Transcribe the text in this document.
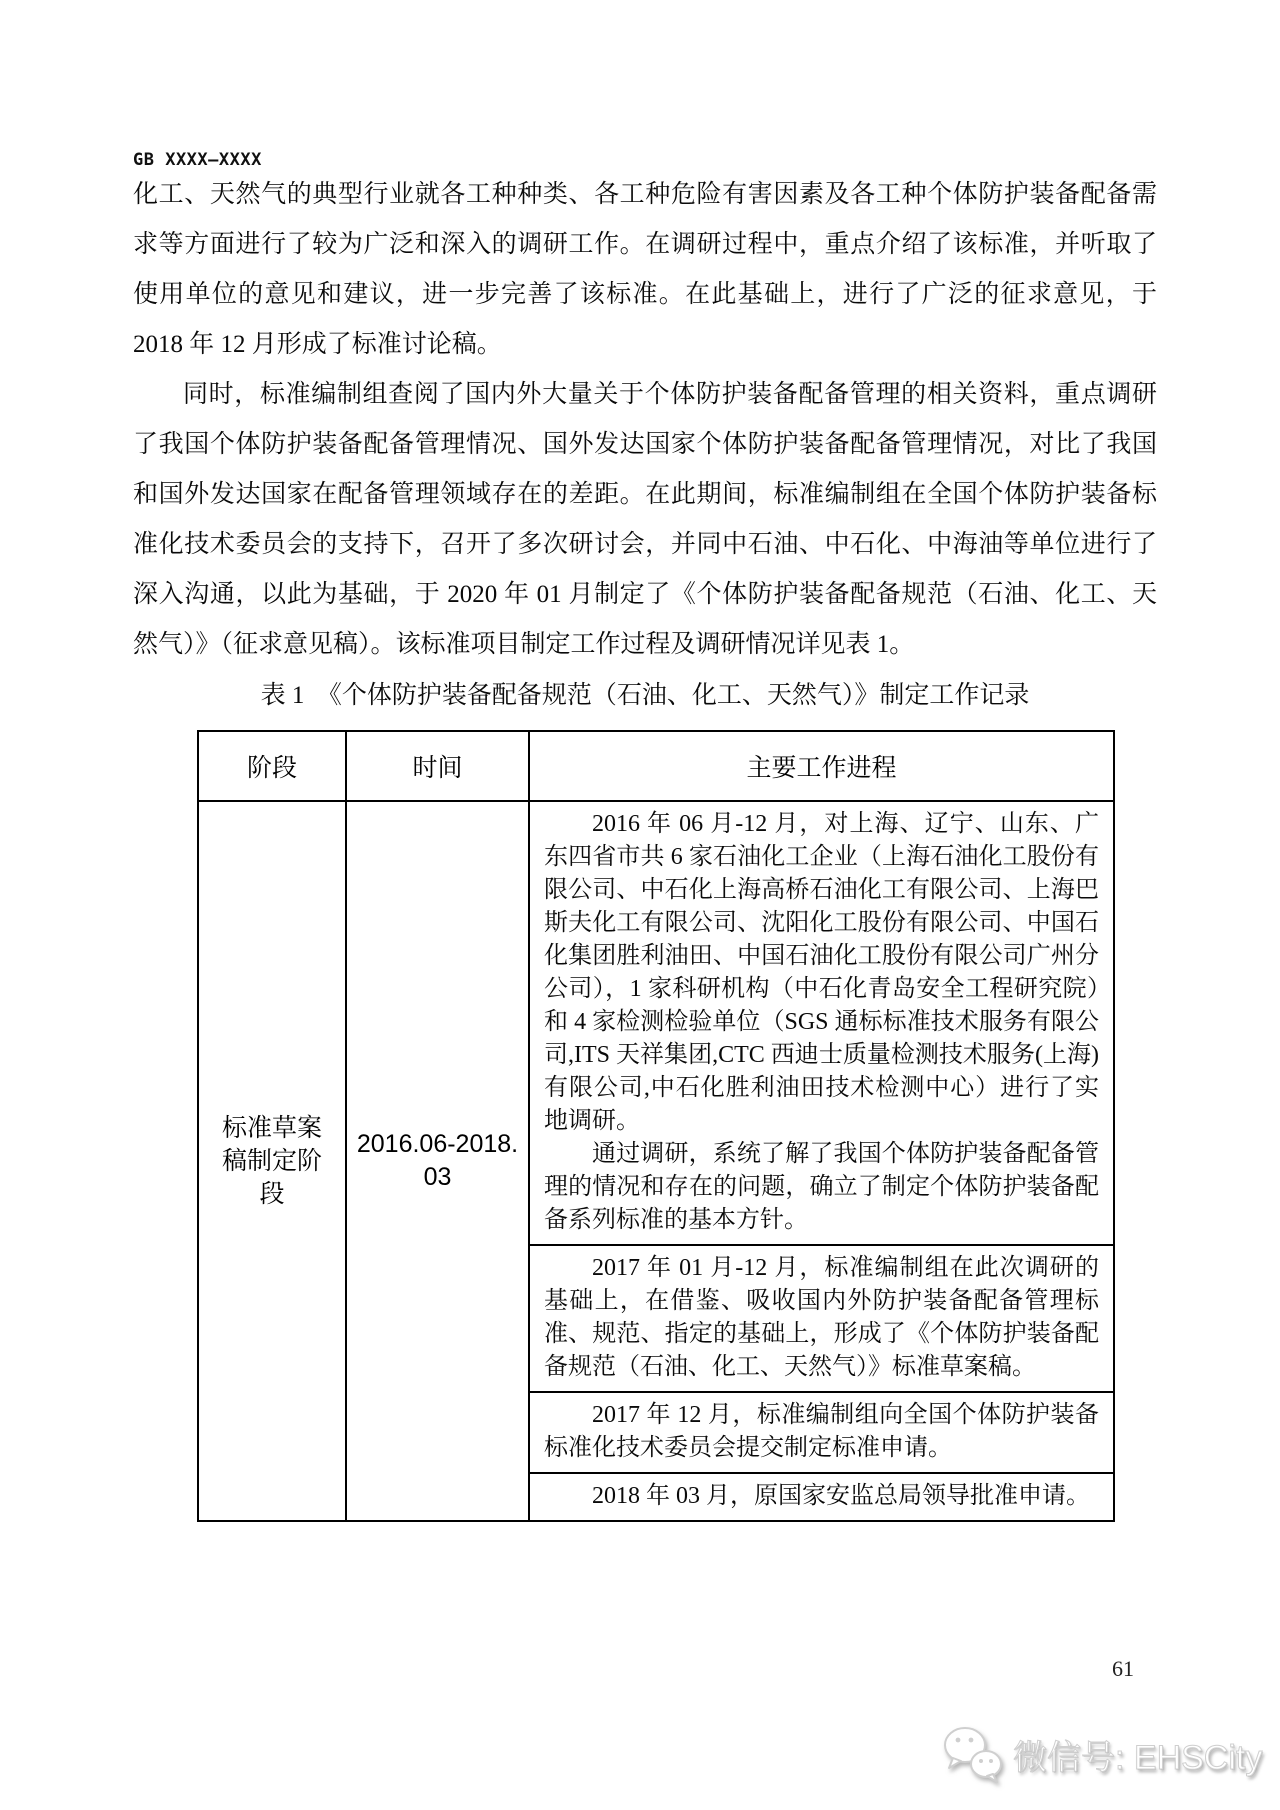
GB XXXX—XXXX

化工、天然气的典型行业就各工种种类、各工种危险有害因素及各工种个体防护装备配备需求等方面进行了较为广泛和深入的调研工作。在调研过程中，重点介绍了该标准，并听取了使用单位的意见和建议，进一步完善了该标准。在此基础上，进行了广泛的征求意见，于 2018 年 12 月形成了标准讨论稿。

同时，标准编制组查阅了国内外大量关于个体防护装备配备管理的相关资料，重点调研了我国个体防护装备配备管理情况、国外发达国家个体防护装备配备管理情况，对比了我国和国外发达国家在配备管理领域存在的差距。在此期间，标准编制组在全国个体防护装备标准化技术委员会的支持下，召开了多次研讨会，并同中石油、中石化、中海油等单位进行了深入沟通，以此为基础，于 2020 年 01 月制定了《个体防护装备配备规范（石油、化工、天然气）》（征求意见稿）。该标准项目制定工作过程及调研情况详见表 1。

表 1　《个体防护装备配备规范（石油、化工、天然气）》制定工作记录
阶段	时间	主要工作进程
标准草案稿制定阶段	2016.06-2018.03	2016 年 06 月-12 月，对上海、辽宁、山东、广东四省市共 6 家石油化工企业（上海石油化工股份有限公司、中石化上海高桥石油化工有限公司、上海巴斯夫化工有限公司、沈阳化工股份有限公司、中国石化集团胜利油田、中国石油化工股份有限公司广州分公司），1 家科研机构（中石化青岛安全工程研究院）和 4 家检测检验单位（SGS 通标标准技术服务有限公司,ITS 天祥集团,CTC 西迪士质量检测技术服务(上海)有限公司,中石化胜利油田技术检测中心）进行了实地调研。

通过调研，系统了解了我国个体防护装备配备管理的情况和存在的问题，确立了制定个体防护装备配备系列标准的基本方针。

		2017 年 01 月-12 月，标准编制组在此次调研的基础上，在借鉴、吸收国内外防护装备配备管理标准、规范、指定的基础上，形成了《个体防护装备配备规范（石油、化工、天然气）》标准草案稿。

		2017 年 12 月，标准编制组向全国个体防护装备标准化技术委员会提交制定标准申请。

		2018 年 03 月，原国家安监总局领导批准申请。

61
微信号: EHSCity
